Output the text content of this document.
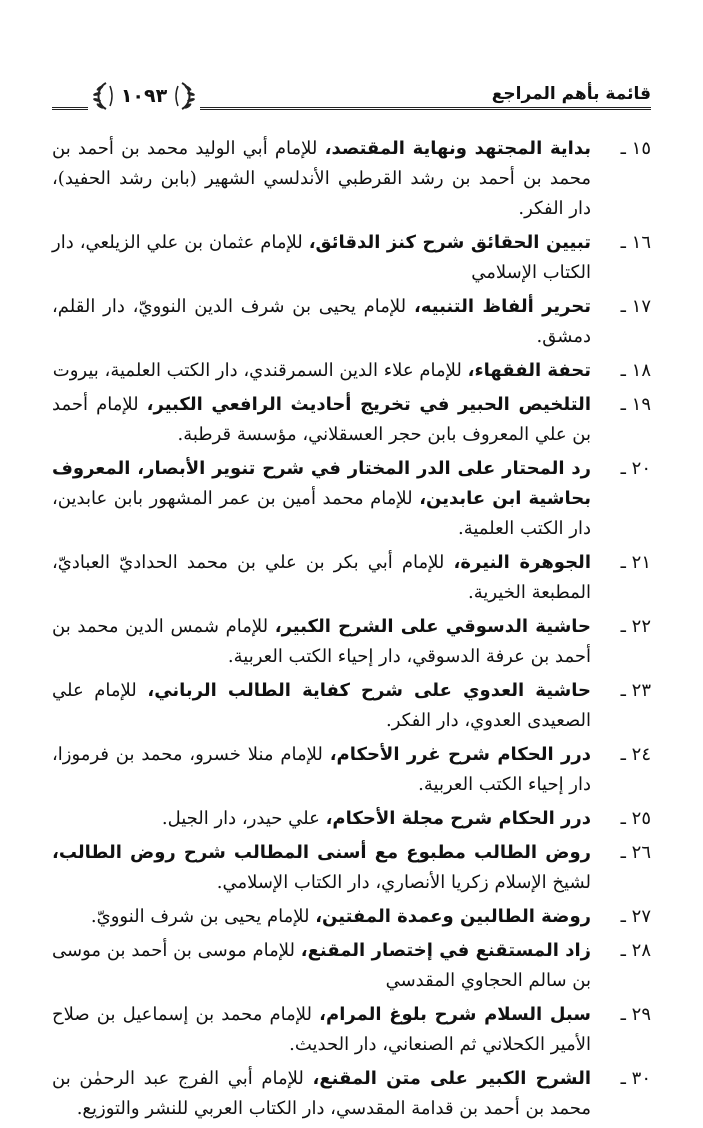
قائمة بأهم المراجع
١٠٩٣
١٥ ـ
بداية المجتهد ونهاية المقتصد، للإمام أبي الوليد محمد بن أحمد بن محمد بن أحمد بن رشد القرطبي الأندلسي الشهير (بابن رشد الحفيد)، دار الفكر.
١٦ ـ
تبيين الحقائق شرح كنز الدقائق، للإمام عثمان بن علي الزيلعي، دار الكتاب الإسلامي
١٧ ـ
تحرير ألفاظ التنبيه، للإمام يحيى بن شرف الدين النوويّ، دار القلم، دمشق.
١٨ ـ
تحفة الفقهاء، للإمام علاء الدين السمرقندي، دار الكتب العلمية، بيروت
١٩ ـ
التلخيص الحبير في تخريج أحاديث الرافعي الكبير، للإمام أحمد بن علي المعروف بابن حجر العسقلاني، مؤسسة قرطبة.
٢٠ ـ
رد المحتار على الدر المختار في شرح تنوير الأبصار، المعروف بحاشية ابن عابدين، للإمام محمد أمين بن عمر المشهور بابن عابدين، دار الكتب العلمية.
٢١ ـ
الجوهرة النيرة، للإمام أبي بكر بن علي بن محمد الحداديّ العباديّ، المطبعة الخيرية.
٢٢ ـ
حاشية الدسوقي على الشرح الكبير، للإمام شمس الدين محمد بن أحمد بن عرفة الدسوقي، دار إحياء الكتب العربية.
٢٣ ـ
حاشية العدوي على شرح كفاية الطالب الرباني، للإمام علي الصعيدى العدوي، دار الفكر.
٢٤ ـ
درر الحكام شرح غرر الأحكام، للإمام منلا خسرو، محمد بن فرموزا، دار إحياء الكتب العربية.
٢٥ ـ
درر الحكام شرح مجلة الأحكام، علي حيدر، دار الجيل.
٢٦ ـ
روض الطالب مطبوع مع أسنى المطالب شرح روض الطالب، لشيخ الإسلام زكريا الأنصاري، دار الكتاب الإسلامي.
٢٧ ـ
روضة الطالبين وعمدة المفتين، للإمام يحيى بن شرف النوويّ.
٢٨ ـ
زاد المستقنع في إختصار المقنع، للإمام موسى بن أحمد بن موسى بن سالم الحجاوي المقدسي
٢٩ ـ
سبل السلام شرح بلوغ المرام، للإمام محمد بن إسماعيل بن صلاح الأمير الكحلاني ثم الصنعاني، دار الحديث.
٣٠ ـ
الشرح الكبير على متن المقنع، للإمام أبي الفرج عبد الرحمٰن بن محمد بن أحمد بن قدامة المقدسي، دار الكتاب العربي للنشر والتوزيع.
